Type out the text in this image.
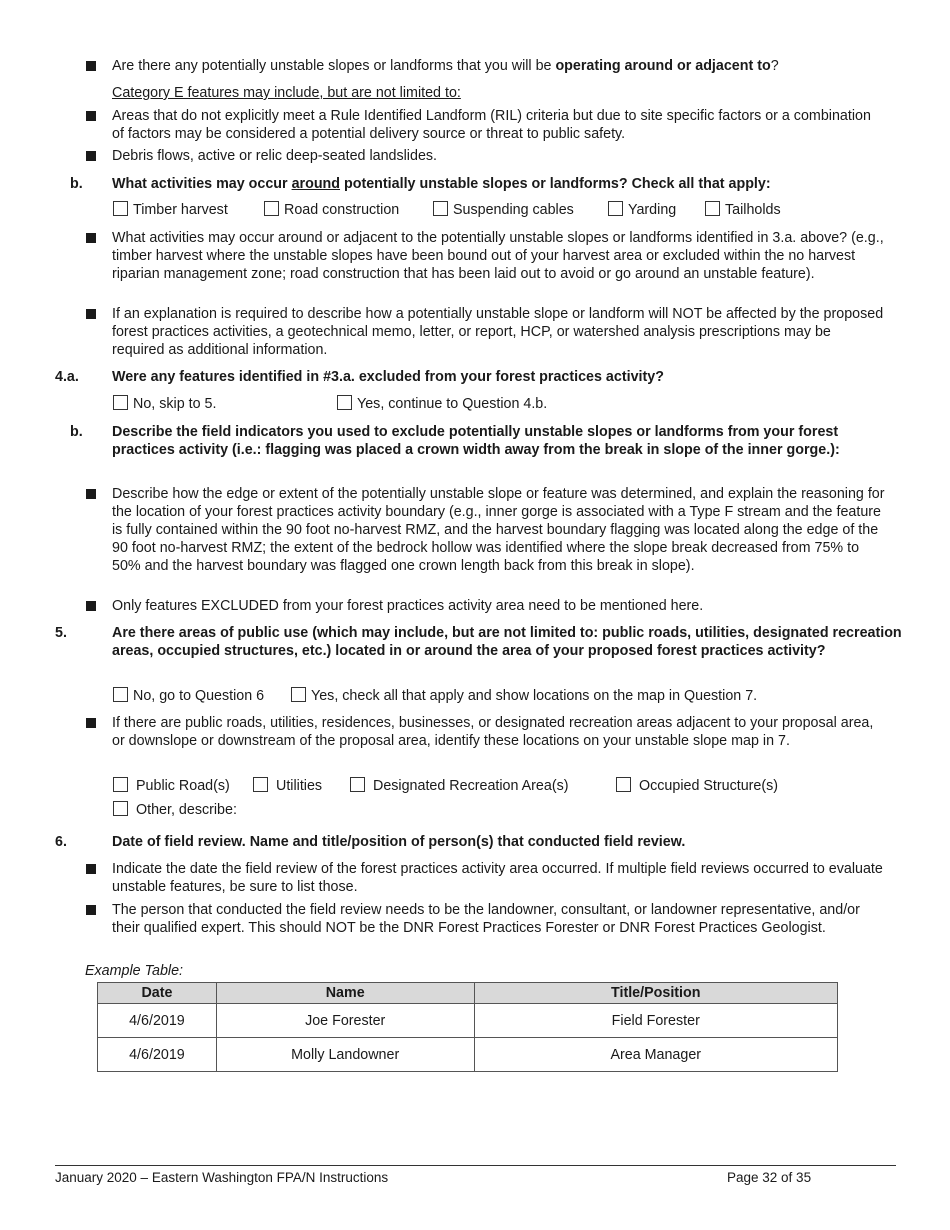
Are there any potentially unstable slopes or landforms that you will be operating around or adjacent to?
Category E features may include, but are not limited to:
Areas that do not explicitly meet a Rule Identified Landform (RIL) criteria but due to site specific factors or a combination of factors may be considered a potential delivery source or threat to public safety.
Debris flows, active or relic deep-seated landslides.
b. What activities may occur around potentially unstable slopes or landforms? Check all that apply:
Timber harvest	Road construction	Suspending cables	Yarding	Tailholds
What activities may occur around or adjacent to the potentially unstable slopes or landforms identified in 3.a. above? (e.g., timber harvest where the unstable slopes have been bound out of your harvest area or excluded within the no harvest riparian management zone; road construction that has been laid out to avoid or go around an unstable feature).
If an explanation is required to describe how a potentially unstable slope or landform will NOT be affected by the proposed forest practices activities, a geotechnical memo, letter, or report, HCP, or watershed analysis prescriptions may be required as additional information.
4.a. Were any features identified in #3.a. excluded from your forest practices activity?
No, skip to 5.	Yes, continue to Question 4.b.
b. Describe the field indicators you used to exclude potentially unstable slopes or landforms from your forest practices activity (i.e.: flagging was placed a crown width away from the break in slope of the inner gorge.):
Describe how the edge or extent of the potentially unstable slope or feature was determined, and explain the reasoning for the location of your forest practices activity boundary (e.g., inner gorge is associated with a Type F stream and the feature is fully contained within the 90 foot no-harvest RMZ, and the harvest boundary flagging was located along the edge of the 90 foot no-harvest RMZ; the extent of the bedrock hollow was identified where the slope break decreased from 75% to 50% and the harvest boundary was flagged one crown length back from this break in slope).
Only features EXCLUDED from your forest practices activity area need to be mentioned here.
5.	Are there areas of public use (which may include, but are not limited to: public roads, utilities, designated recreation areas, occupied structures, etc.) located in or around the area of your proposed forest practices activity?
No, go to Question 6	Yes, check all that apply and show locations on the map in Question 7.
If there are public roads, utilities, residences, businesses, or designated recreation areas adjacent to your proposal area, or downslope or downstream of the proposal area, identify these locations on your unstable slope map in 7.
Public Road(s)	Utilities	Designated Recreation Area(s)	Occupied Structure(s)
Other, describe:
6.	Date of field review. Name and title/position of person(s) that conducted field review.
Indicate the date the field review of the forest practices activity area occurred. If multiple field reviews occurred to evaluate unstable features, be sure to list those.
The person that conducted the field review needs to be the landowner, consultant, or landowner representative, and/or their qualified expert. This should NOT be the DNR Forest Practices Forester or DNR Forest Practices Geologist.
Example Table:
Date	Name	Title/Position
4/6/2019	Joe Forester	Field Forester
4/6/2019	Molly Landowner	Area Manager
January 2020 – Eastern Washington FPA/N Instructions	Page 32 of 35
